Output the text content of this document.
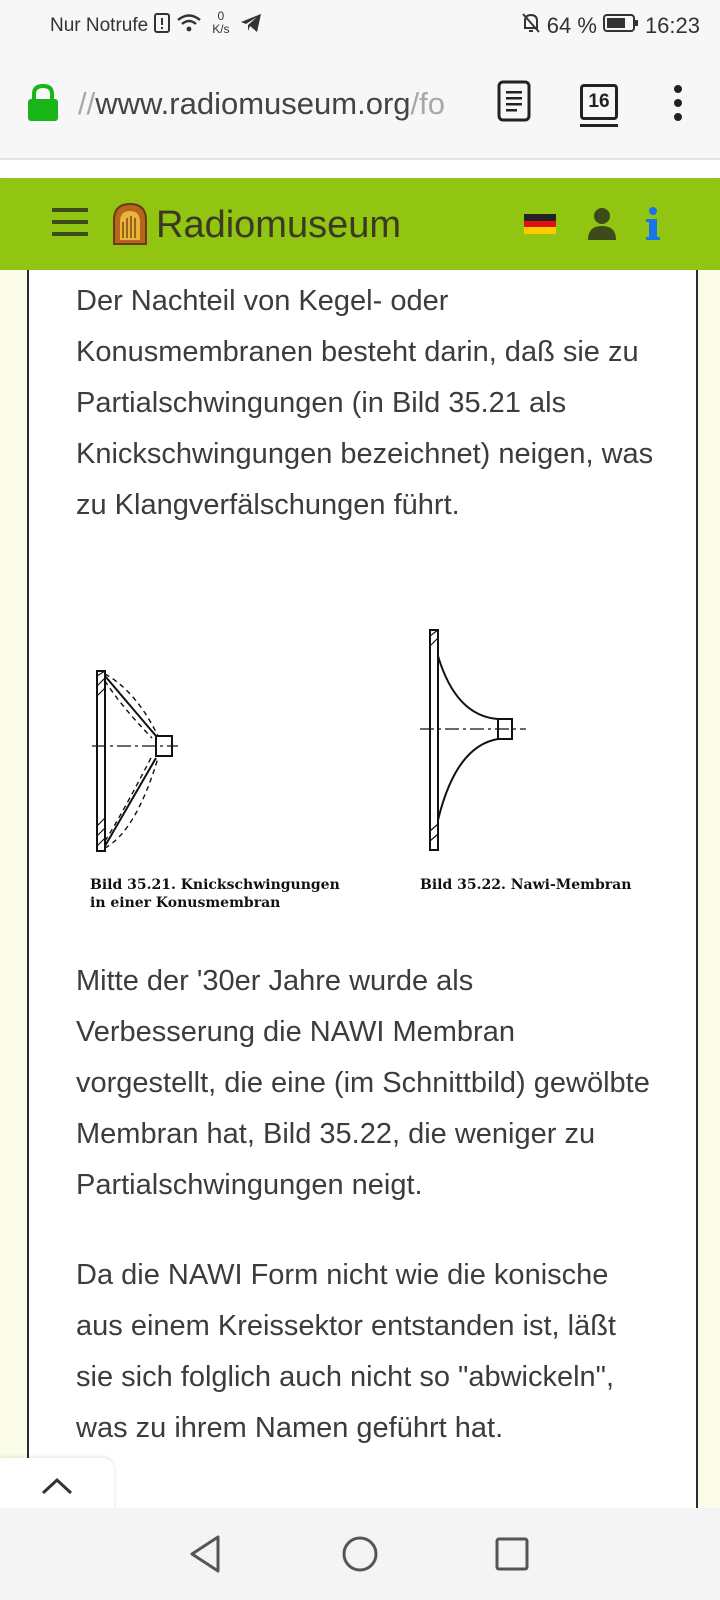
Nur Notrufe	0
K/s	64 % 16:23
//www.radiomuseum.org/fo	16
Radiomuseum

Der Nachteil von Kegel- oder Konusmembranen besteht darin, daß sie zu Partialschwingungen (in Bild 35.21 als Knickschwingungen bezeichnet) neigen, was zu Klangverfälschungen führt.

Bild 35.21. Knickschwingungen in einer Konusmembran
Bild 35.22. Nawi-Membran

Mitte der '30er Jahre wurde als Verbesserung die NAWI Membran vorgestellt, die eine (im Schnittbild) gewölbte Membran hat, Bild 35.22, die weniger zu Partialschwingungen neigt.

Da die NAWI Form nicht wie die konische aus einem Kreissektor entstanden ist, läßt sie sich folglich auch nicht so "abwickeln", was zu ihrem Namen geführt hat.
